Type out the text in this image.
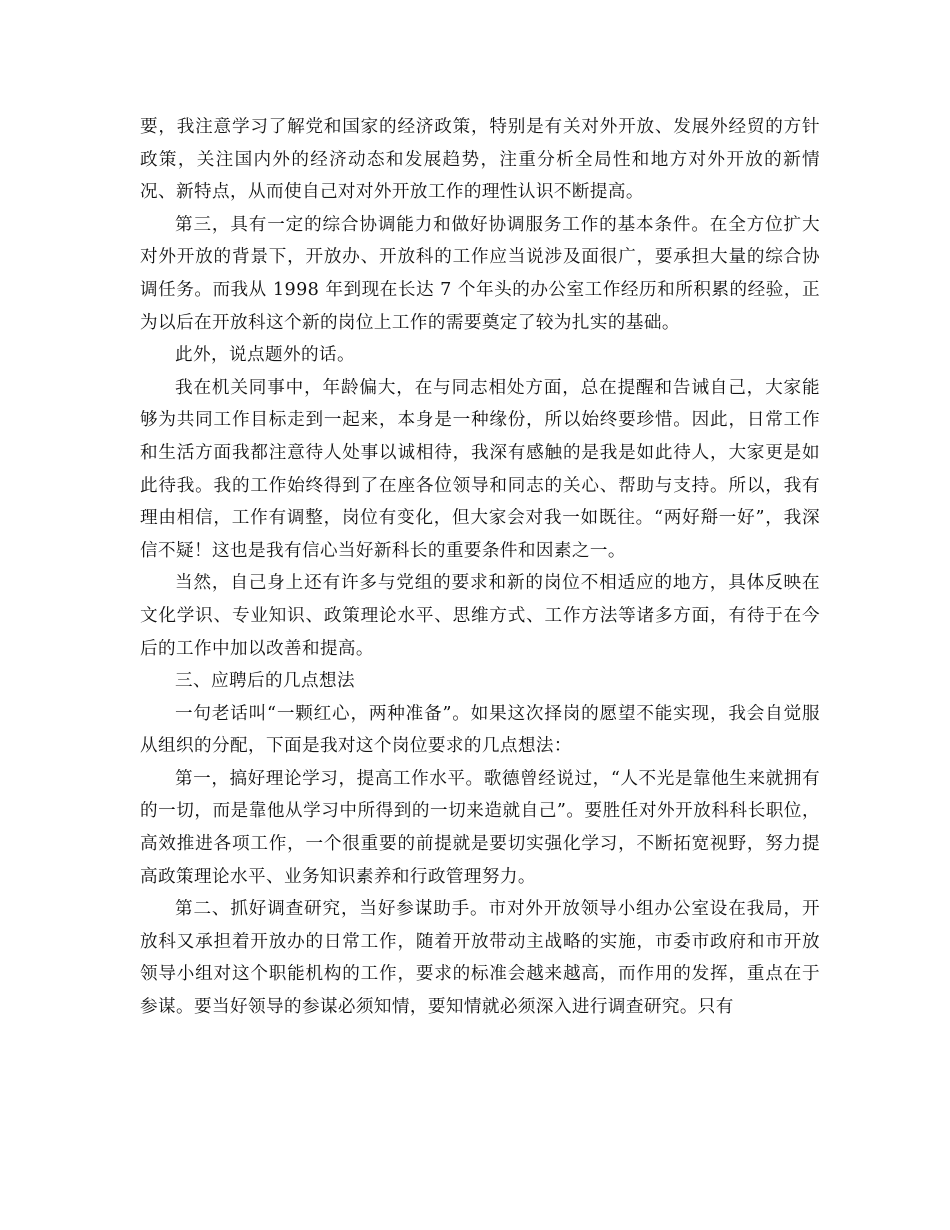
要，我注意学习了解党和国家的经济政策，特别是有关对外开放、发展外经贸的方针政策，关注国内外的经济动态和发展趋势，注重分析全局性和地方对外开放的新情况、新特点，从而使自己对对外开放工作的理性认识不断提高。

第三，具有一定的综合协调能力和做好协调服务工作的基本条件。在全方位扩大对外开放的背景下，开放办、开放科的工作应当说涉及面很广，要承担大量的综合协调任务。而我从 1998 年到现在长达 7 个年头的办公室工作经历和所积累的经验，正为以后在开放科这个新的岗位上工作的需要奠定了较为扎实的基础。

此外，说点题外的话。

我在机关同事中，年龄偏大，在与同志相处方面，总在提醒和告诫自己，大家能够为共同工作目标走到一起来，本身是一种缘份，所以始终要珍惜。因此，日常工作和生活方面我都注意待人处事以诚相待，我深有感触的是我是如此待人，大家更是如此待我。我的工作始终得到了在座各位领导和同志的关心、帮助与支持。所以，我有理由相信，工作有调整，岗位有变化，但大家会对我一如既往。“两好搿一好”，我深信不疑！这也是我有信心当好新科长的重要条件和因素之一。

当然，自己身上还有许多与党组的要求和新的岗位不相适应的地方，具体反映在文化学识、专业知识、政策理论水平、思维方式、工作方法等诸多方面，有待于在今后的工作中加以改善和提高。

三、应聘后的几点想法

一句老话叫“一颗红心，两种准备”。如果这次择岗的愿望不能实现，我会自觉服从组织的分配，下面是我对这个岗位要求的几点想法：

第一，搞好理论学习，提高工作水平。歌德曾经说过，“人不光是靠他生来就拥有的一切，而是靠他从学习中所得到的一切来造就自己”。要胜任对外开放科科长职位，高效推进各项工作，一个很重要的前提就是要切实强化学习，不断拓宽视野，努力提高政策理论水平、业务知识素养和行政管理努力。

第二、抓好调查研究，当好参谋助手。市对外开放领导小组办公室设在我局，开放科又承担着开放办的日常工作，随着开放带动主战略的实施，市委市政府和市开放领导小组对这个职能机构的工作，要求的标准会越来越高，而作用的发挥，重点在于参谋。要当好领导的参谋必须知情，要知情就必须深入进行调查研究。只有
